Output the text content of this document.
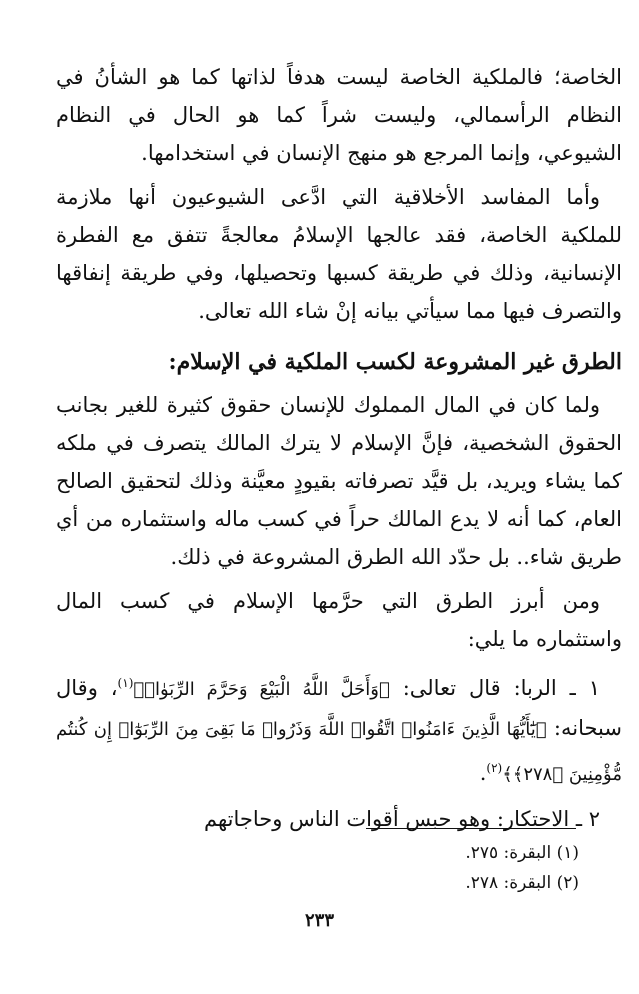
الخاصة؛ فالملكية الخاصة ليست هدفاً لذاتها كما هو الشأنُ في النظام الرأسمالي، وليست شراً كما هو الحال في النظام الشيوعي، وإنما المرجع هو منهج الإنسان في استخدامها.

وأما المفاسد الأخلاقية التي ادَّعى الشيوعيون أنها ملازمة للملكية الخاصة، فقد عالجها الإسلامُ معالجةً تتفق مع الفطرة الإنسانية، وذلك في طريقة كسبها وتحصيلها، وفي طريقة إنفاقها والتصرف فيها مما سيأتي بيانه إنْ شاء الله تعالى.

الطرق غير المشروعة لكسب الملكية في الإسلام:

ولما كان في المال المملوك للإنسان حقوق كثيرة للغير بجانب الحقوق الشخصية، فإنَّ الإسلام لا يترك المالك يتصرف في ملكه كما يشاء ويريد، بل قيَّد تصرفاته بقيودٍ معيَّنة وذلك لتحقيق الصالح العام، كما أنه لا يدع المالك حراً في كسب ماله واستثماره من أي طريق شاء.. بل حدّد الله الطرق المشروعة في ذلك.

ومن أبرز الطرق التي حرَّمها الإسلام في كسب المال واستثماره ما يلي:

١ ـ الربا: قال تعالى: ﴿وَأَحَلَّ اللَّهُ الْبَيْعَ وَحَرَّمَ الرِّبَوٰا۟﴾$^{(١)}$، وقال سبحانه: ﴿يَٰٓأَيُّهَا الَّذِينَ ءَامَنُوا۟ اتَّقُوا۟ اللَّهَ وَذَرُوا۟ مَا بَقِىَ مِنَ الرِّبَوٰٓا۟ إِن كُنتُم مُّؤْمِنِينَ ﴿٢٧٨﴾﴾$^{(٢)}$.

٢ ـ الاحتكار: وهو حبس أقوات الناس وحاجاتهم

(١) البقرة: ٢٧٥.

(٢) البقرة: ٢٧٨.

٢٣٣
